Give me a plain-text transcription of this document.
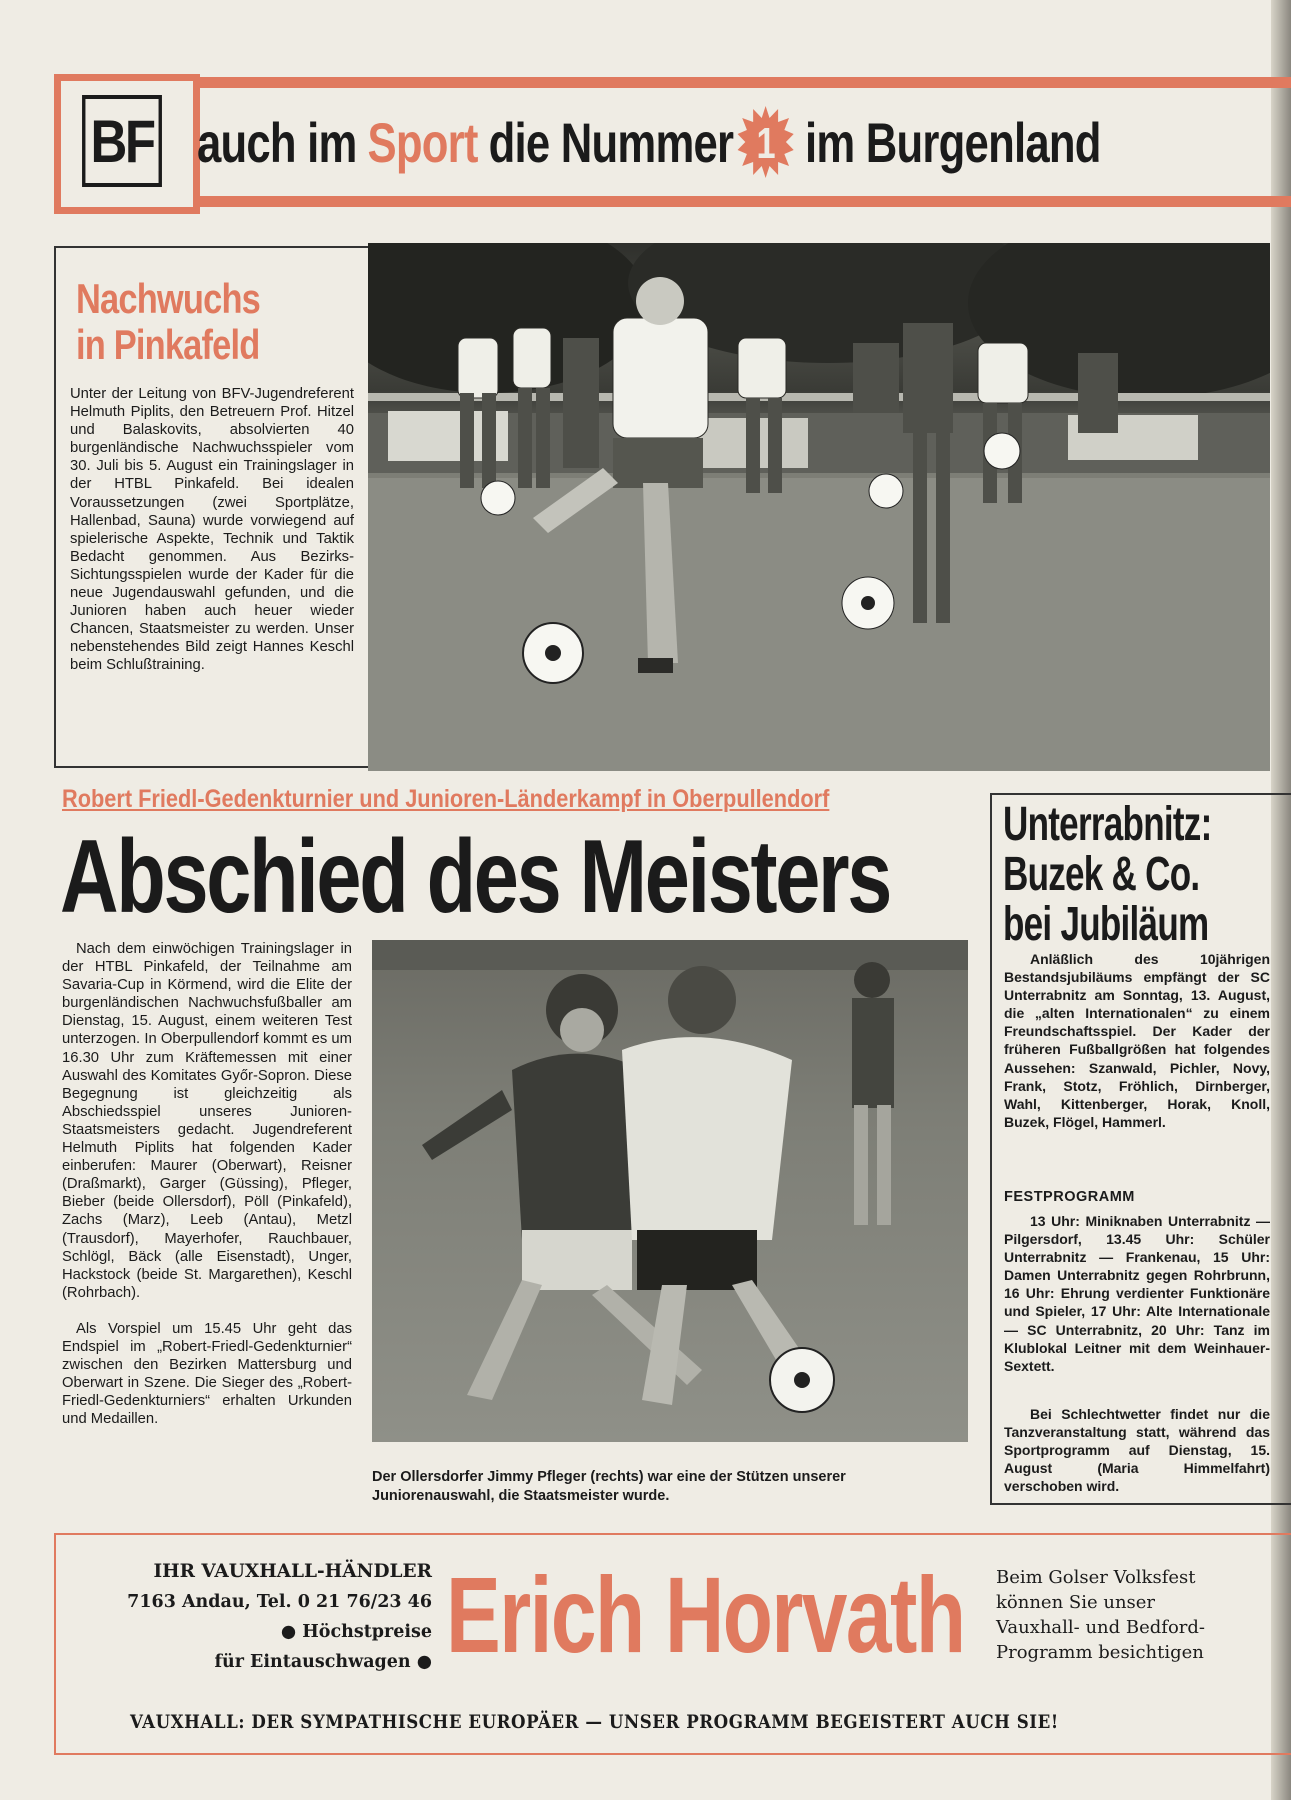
BF auch im Sport die Nummer 1 im Burgenland
Nachwuchs
in Pinkafeld
Unter der Leitung von BFV-Jugendreferent Helmuth Piplits, den Betreuern Prof. Hitzel und Balaskovits, absolvierten 40 burgenländische Nachwuchsspieler vom 30. Juli bis 5. August ein Trainingslager in der HTBL Pinkafeld. Bei idealen Voraussetzungen (zwei Sportplätze, Hallenbad, Sauna) wurde vorwiegend auf spielerische Aspekte, Technik und Taktik Bedacht genommen. Aus Bezirks-Sichtungsspielen wurde der Kader für die neue Jugendauswahl gefunden, und die Junioren haben auch heuer wieder Chancen, Staatsmeister zu werden. Unser nebenstehendes Bild zeigt Hannes Keschl beim Schlußtraining.
Robert Friedl-Gedenkturnier und Junioren-Länderkampf in Oberpullendorf
Abschied des Meisters
Nach dem einwöchigen Trainingslager in der HTBL Pinkafeld, der Teilnahme am Savaria-Cup in Körmend, wird die Elite der burgenländischen Nachwuchsfußballer am Dienstag, 15. August, einem weiteren Test unterzogen. In Oberpullendorf kommt es um 16.30 Uhr zum Kräftemessen mit einer Auswahl des Komitates Győr-Sopron. Diese Begegnung ist gleichzeitig als Abschiedsspiel unseres Junioren-Staatsmeisters gedacht. Jugendreferent Helmuth Piplits hat folgenden Kader einberufen: Maurer (Oberwart), Reisner (Draßmarkt), Garger (Güssing), Pfleger, Bieber (beide Ollersdorf), Pöll (Pinkafeld), Zachs (Marz), Leeb (Antau), Metzl (Trausdorf), Mayerhofer, Rauchbauer, Schlögl, Bäck (alle Eisenstadt), Unger, Hackstock (beide St. Margarethen), Keschl (Rohrbach).
Als Vorspiel um 15.45 Uhr geht das Endspiel im „Robert-Friedl-Gedenkturnier“ zwischen den Bezirken Mattersburg und Oberwart in Szene. Die Sieger des „Robert-Friedl-Gedenkturniers“ erhalten Urkunden und Medaillen.
Der Ollersdorfer Jimmy Pfleger (rechts) war eine der Stützen unserer Juniorenauswahl, die Staatsmeister wurde.
Unterrabnitz:
Buzek & Co.
bei Jubiläum
Anläßlich des 10jährigen Bestandsjubiläums empfängt der SC Unterrabnitz am Sonntag, 13. August, die „alten Internationalen“ zu einem Freundschaftsspiel. Der Kader der früheren Fußballgrößen hat folgendes Aussehen: Szanwald, Pichler, Novy, Frank, Stotz, Fröhlich, Dirnberger, Wahl, Kittenberger, Horak, Knoll, Buzek, Flögel, Hammerl.
FESTPROGRAMM
13 Uhr: Miniknaben Unterrabnitz — Pilgersdorf, 13.45 Uhr: Schüler Unterrabnitz — Frankenau, 15 Uhr: Damen Unterrabnitz gegen Rohrbrunn, 16 Uhr: Ehrung verdienter Funktionäre und Spieler, 17 Uhr: Alte Internationale — SC Unterrabnitz, 20 Uhr: Tanz im Klublokal Leitner mit dem Weinhauer-Sextett.
Bei Schlechtwetter findet nur die Tanzveranstaltung statt, während das Sportprogramm auf Dienstag, 15. August (Maria Himmelfahrt) verschoben wird.
IHR VAUXHALL-HÄNDLER
7163 Andau, Tel. 0 21 76/23 46
● Höchstpreise
für Eintauschwagen ● Erich Horvath Beim Golser Volksfest können Sie unser Vauxhall- und Bedford-Programm besichtigen
VAUXHALL: DER SYMPATHISCHE EUROPÄER — UNSER PROGRAMM BEGEISTERT AUCH SIE!
